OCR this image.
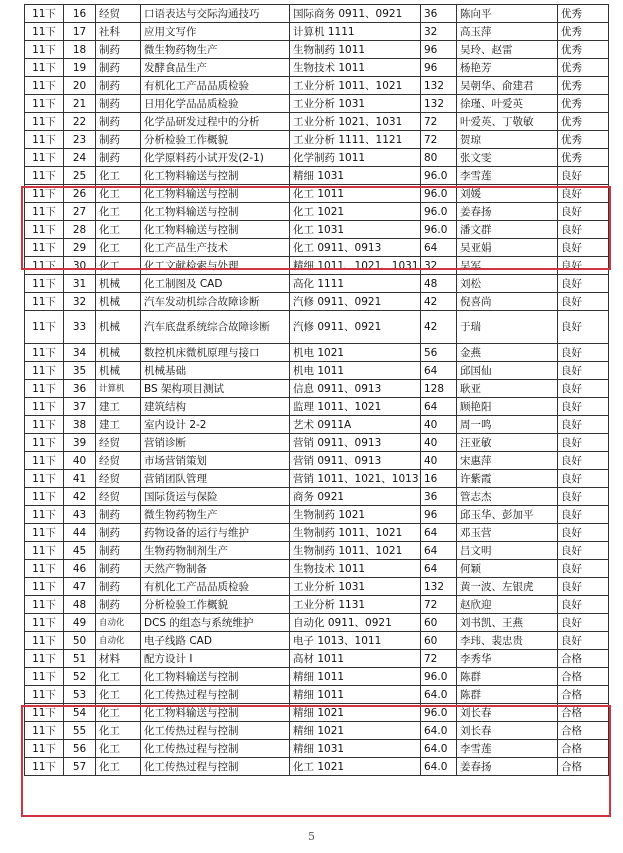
11下	16	经贸	口语表达与交际沟通技巧	国际商务 0911、0921	36	陈向平	优秀
11下	17	社科	应用文写作	计算机 1111	32	高玉萍	优秀
11下	18	制药	微生物药物生产	生物制药 1011	96	吴玲、赵雷	优秀
11下	19	制药	发酵食品生产	生物技术 1011	96	杨艳芳	优秀
11下	20	制药	有机化工产品品质检验	工业分析 1011、1021	132	吴朝华、俞建君	优秀
11下	21	制药	日用化学品品质检验	工业分析 1031	132	徐瑾、叶爱英	优秀
11下	22	制药	化学品研发过程中的分析	工业分析 1021、1031	72	叶爱英、丁敬敏	优秀
11下	23	制药	分析检验工作概貌	工业分析 1111、1121	72	贺琼	优秀
11下	24	制药	化学原料药小试开发(2-1)	化学制药 1011	80	张文雯	优秀
11下	25	化工	化工物料输送与控制	精细 1031	96.0	李雪莲	良好
11下	26	化工	化工物料输送与控制	化工 1011	96.0	刘媛	良好
11下	27	化工	化工物料输送与控制	化工 1021	96.0	姜春扬	良好
11下	28	化工	化工物料输送与控制	化工 1031	96.0	潘文群	良好
11下	29	化工	化工产品生产技术	化工 0911、0913	64	吴亚娟	良好
11下	30	化工	化工文献检索与处理	精细 1011、1021、1031	32	吴军	良好
11下	31	机械	化工制图及 CAD	高化 1111	48	刘松	良好
11下	32	机械	汽车发动机综合故障诊断	汽修 0911、0921	42	倪喜尚	良好
11下	33	机械	汽车底盘系统综合故障诊断	汽修 0911、0921	42	于瑞	良好
11下	34	机械	数控机床微机原理与接口	机电 1021	56	金燕	良好
11下	35	机械	机械基础	机电 1011	64	邱国仙	良好
11下	36	计算机	BS 架构项目测试	信息 0911、0913	128	耿亚	良好
11下	37	建工	建筑结构	监理 1011、1021	64	顾艳阳	良好
11下	38	建工	室内设计 2-2	艺术 0911A	40	周一鸣	良好
11下	39	经贸	营销诊断	营销 0911、0913	40	汪亚敏	良好
11下	40	经贸	市场营销策划	营销 0911、0913	40	宋惠萍	良好
11下	41	经贸	营销团队管理	营销 1011、1021、1013	16	许紫霞	良好
11下	42	经贸	国际货运与保险	商务 0921	36	管志杰	良好
11下	43	制药	微生物药物生产	生物制药 1021	96	邱玉华、彭加平	良好
11下	44	制药	药物设备的运行与维护	生物制药 1011、1021	64	邓玉营	良好
11下	45	制药	生物药物制剂生产	生物制药 1011、1021	64	吕文明	良好
11下	46	制药	天然产物制备	生物技术 1011	64	何颖	良好
11下	47	制药	有机化工产品品质检验	工业分析 1031	132	黄一波、左银虎	良好
11下	48	制药	分析检验工作概貌	工业分析 1131	72	赵欣迎	良好
11下	49	自动化	DCS 的组态与系统维护	自动化 0911、0921	60	刘书凯、王燕	良好
11下	50	自动化	电子线路 CAD	电子 1013、1011	60	李玮、裴忠贵	良好
11下	51	材料	配方设计 I	高材 1011	72	李秀华	合格
11下	52	化工	化工物料输送与控制	精细 1011	96.0	陈群	合格
11下	53	化工	化工传热过程与控制	精细 1011	64.0	陈群	合格
11下	54	化工	化工物料输送与控制	精细 1021	96.0	刘长春	合格
11下	55	化工	化工传热过程与控制	精细 1021	64.0	刘长春	合格
11下	56	化工	化工传热过程与控制	精细 1031	64.0	李雪莲	合格
11下	57	化工	化工传热过程与控制	化工 1021	64.0	姜春扬	合格
5
